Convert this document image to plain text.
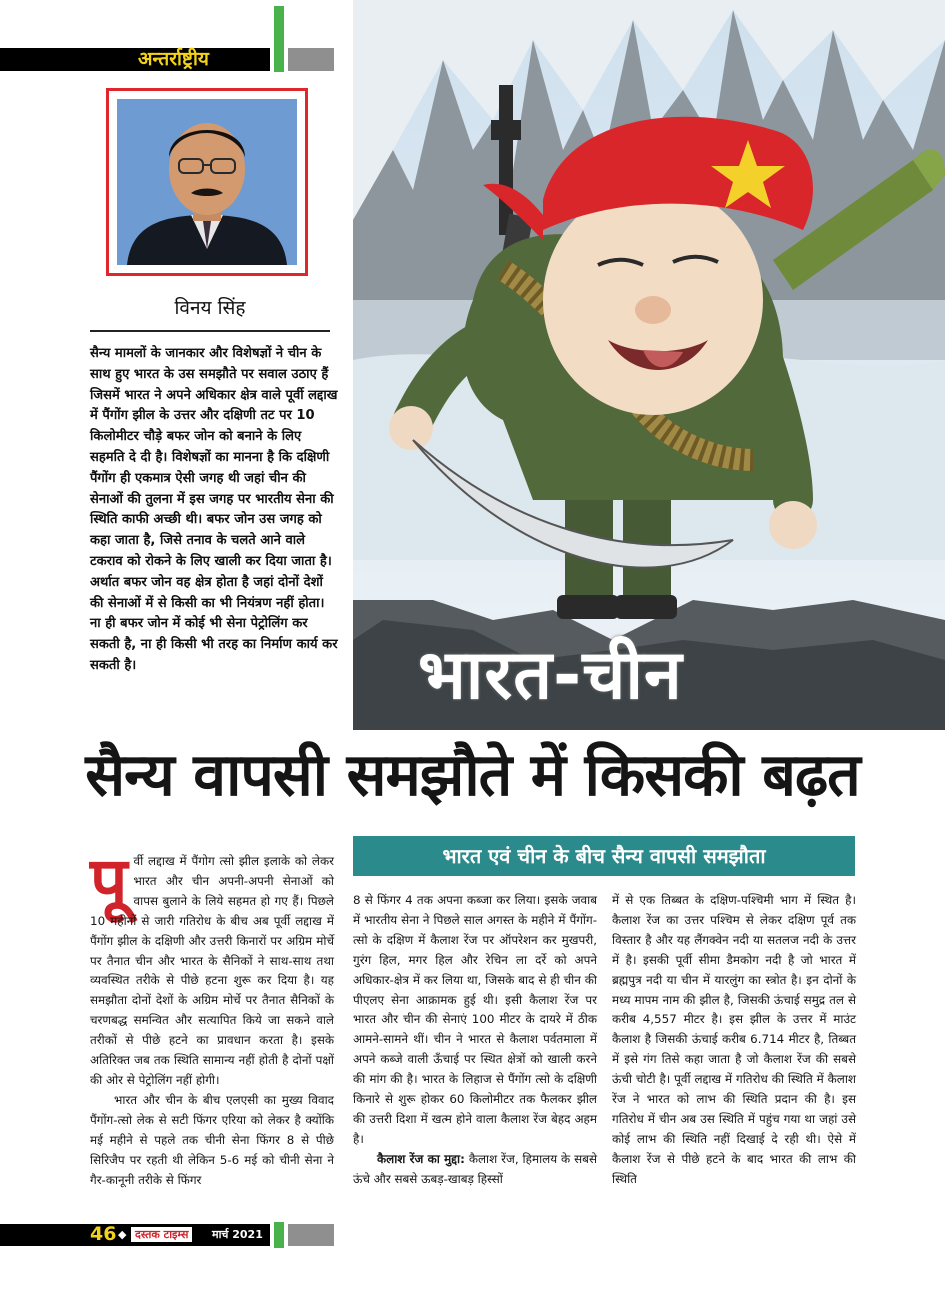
अन्तर्राष्ट्रीय
विनय सिंह
सैन्य मामलों के जानकार और विशेषज्ञों ने चीन के साथ हुए भारत के उस समझौते पर सवाल उठाए हैं जिसमें भारत ने अपने अधिकार क्षेत्र वाले पूर्वी लद्दाख में पैंगोंग झील के उत्तर और दक्षिणी तट पर 10 किलोमीटर चौड़े बफर जोन को बनाने के लिए सहमति दे दी है। विशेषज्ञों का मानना है कि दक्षिणी पैंगोंग ही एकमात्र ऐसी जगह थी जहां चीन की सेनाओं की तुलना में इस जगह पर भारतीय सेना की स्थिति काफी अच्छी थी। बफर जोन उस जगह को कहा जाता है, जिसे तनाव के चलते आने वाले टकराव को रोकने के लिए खाली कर दिया जाता है। अर्थात बफर जोन वह क्षेत्र होता है जहां दोनों देशों की सेनाओं में से किसी का भी नियंत्रण नहीं होता। ना ही बफर जोन में कोई भी सेना पेट्रोलिंग कर सकती है, ना ही किसी भी तरह का निर्माण कार्य कर सकती है।	भारत-चीन
सैन्य वापसी समझौते में किसकी बढ़त
भारत एवं चीन के बीच सैन्य वापसी समझौता

पूर्वी लद्दाख में पैंगोग त्सो झील इलाके को लेकर भारत और चीन अपनी-अपनी सेनाओं को वापस बुलाने के लिये सहमत हो गए हैं। पिछले 10 महीनों से जारी गतिरोध के बीच अब पूर्वी लद्दाख में पैंगोंग झील के दक्षिणी और उत्तरी किनारों पर अग्रिम मोर्चे पर तैनात चीन और भारत के सैनिकों ने साथ-साथ तथा व्यवस्थित तरीके से पीछे हटना शुरू कर दिया है। यह समझौता दोनों देशों के अग्रिम मोर्चे पर तैनात सैनिकों के चरणबद्ध समन्वित और सत्यापित किये जा सकने वाले तरीकों से पीछे हटने का प्रावधान करता है। इसके अतिरिक्त जब तक स्थिति सामान्य नहीं होती है दोनों पक्षों की ओर से पेट्रोलिंग नहीं होगी।

भारत और चीन के बीच एलएसी का मुख्य विवाद पैंगोंग-त्सो लेक से सटी फिंगर एरिया को लेकर है क्योंकि मई महीने से पहले तक चीनी सेना फिंगर 8 से पीछे सिरिजैप पर रहती थी लेकिन 5-6 मई को चीनी सेना ने गैर-कानूनी तरीके से फिंगर

8 से फिंगर 4 तक अपना कब्जा कर लिया। इसके जवाब में भारतीय सेना ने पिछले साल अगस्त के महीने में पैंगोंग-त्सो के दक्षिण में कैलाश रेंज पर ऑपरेशन कर मुखपरी, गुरंग हिल, मगर हिल और रेचिन ला दर्रे को अपने अधिकार-क्षेत्र में कर लिया था, जिसके बाद से ही चीन की पीएलए सेना आक्रामक हुई थी। इसी कैलाश रेंज पर भारत और चीन की सेनाएं 100 मीटर के दायरे में ठीक आमने-सामने थीं। चीन ने भारत से कैलाश पर्वतमाला में अपने कब्जे वाली ऊँचाई पर स्थित क्षेत्रों को खाली करने की मांग की है। भारत के लिहाज से पैंगोंग त्सो के दक्षिणी किनारे से शुरू होकर 60 किलोमीटर तक फैलकर झील की उत्तरी दिशा में खत्म होने वाला कैलाश रेंज बेहद अहम है।

कैलाश रेंज का मुद्दा: कैलाश रेंज, हिमालय के सबसे ऊंचे और सबसे ऊबड़-खाबड़ हिस्सों

में से एक तिब्बत के दक्षिण-पश्चिमी भाग में स्थित है। कैलाश रेंज का उत्तर पश्चिम से लेकर दक्षिण पूर्व तक विस्तार है और यह लैंगक्वेन नदी या सतलज नदी के उत्तर में है। इसकी पूर्वी सीमा डैमकोग नदी है जो भारत में ब्रह्मपुत्र नदी या चीन में यारलुंग का स्त्रोत है। इन दोनों के मध्य मापम नाम की झील है, जिसकी ऊंचाई समुद्र तल से करीब 4,557 मीटर है। इस झील के उत्तर में माउंट कैलाश है जिसकी ऊंचाई करीब 6.714 मीटर है, तिब्बत में इसे गंग तिसे कहा जाता है जो कैलाश रेंज की सबसे ऊंची चोटी है। पूर्वी लद्दाख में गतिरोध की स्थिति में कैलाश रेंज ने भारत को लाभ की स्थिति प्रदान की है। इस गतिरोध में चीन अब उस स्थिति में पहुंच गया था जहां उसे कोई लाभ की स्थिति नहीं दिखाई दे रही थी। ऐसे में कैलाश रेंज से पीछे हटने के बाद भारत की लाभ की स्थिति

46 ◆ दस्तक टाइम्स	मार्च 2021
